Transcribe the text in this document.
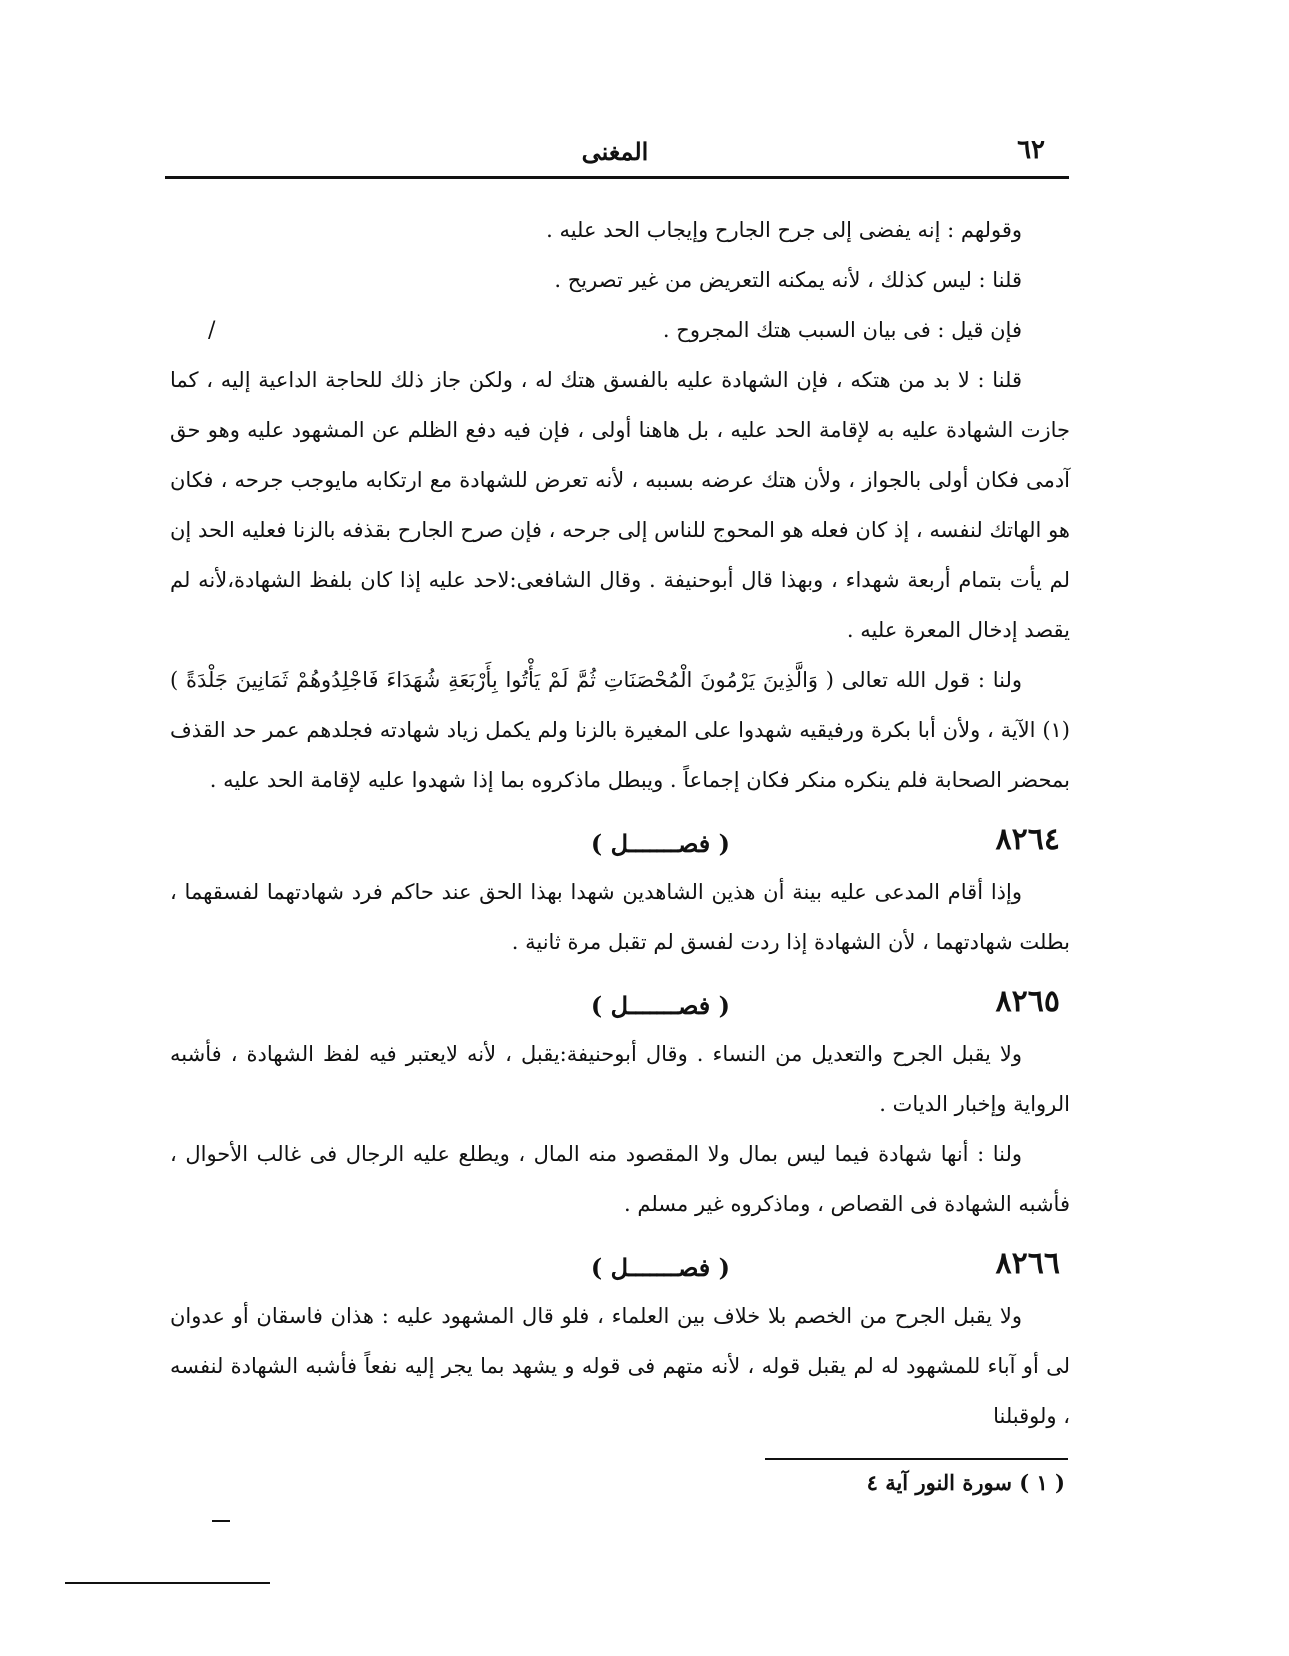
٦٢
المغنى
/

وقولهم : إنه يفضى إلى جرح الجارح وإيجاب الحد عليه .

قلنا : ليس كذلك ، لأنه يمكنه التعريض من غير تصريح .

فإن قيل : فى بيان السبب هتك المجروح .

قلنا : لا بد من هتكه ، فإن الشهادة عليه بالفسق هتك له ، ولكن جاز ذلك للحاجة الداعية إليه ، كما جازت الشهادة عليه به لإقامة الحد عليه ، بل هاهنا أولى ، فإن فيه دفع الظلم عن المشهود عليه وهو حق آدمى فكان أولى بالجواز ، ولأن هتك عرضه بسببه ، لأنه تعرض للشهادة مع ارتكابه مايوجب جرحه ، فكان هو الهاتك لنفسه ، إذ كان فعله هو المحوج للناس إلى جرحه ، فإن صرح الجارح بقذفه بالزنا فعليه الحد إن لم يأت بتمام أربعة شهداء ، وبهذا قال أبوحنيفة . وقال الشافعى:لاحد عليه إذا كان بلفظ الشهادة،لأنه لم يقصد إدخال المعرة عليه .

ولنا : قول الله تعالى ( وَالَّذِينَ يَرْمُونَ الْمُحْصَنَاتِ ثُمَّ لَمْ يَأْتُوا بِأَرْبَعَةِ شُهَدَاءَ فَاجْلِدُوهُمْ ثَمَانِينَ جَلْدَةً ) (١) الآية ، ولأن أبا بكرة ورفيقيه شهدوا على المغيرة بالزنا ولم يكمل زياد شهادته فجلدهم عمر حد القذف بمحضر الصحابة فلم ينكره منكر فكان إجماعاً . ويبطل ماذكروه بما إذا شهدوا عليه لإقامة الحد عليه .

٨٢٦٤
( فصـــــــل )

وإذا أقام المدعى عليه بينة أن هذين الشاهدين شهدا بهذا الحق عند حاكم فرد شهادتهما لفسقهما ، بطلت شهادتهما ، لأن الشهادة إذا ردت لفسق لم تقبل مرة ثانية .

٨٢٦٥
( فصـــــــل )

ولا يقبل الجرح والتعديل من النساء . وقال أبوحنيفة:يقبل ، لأنه لايعتبر فيه لفظ الشهادة ، فأشبه الرواية وإخبار الديات .

ولنا : أنها شهادة فيما ليس بمال ولا المقصود منه المال ، ويطلع عليه الرجال فى غالب الأحوال ، فأشبه الشهادة فى القصاص ، وماذكروه غير مسلم .

٨٢٦٦
( فصـــــــل )

ولا يقبل الجرح من الخصم بلا خلاف بين العلماء ، فلو قال المشهود عليه : هذان فاسقان أو عدوان لى أو آباء للمشهود له لم يقبل قوله ، لأنه متهم فى قوله و يشهد بما يجر إليه نفعاً فأشبه الشهادة لنفسه ، ولوقبلنا

( ١ ) سورة النور آية ٤
